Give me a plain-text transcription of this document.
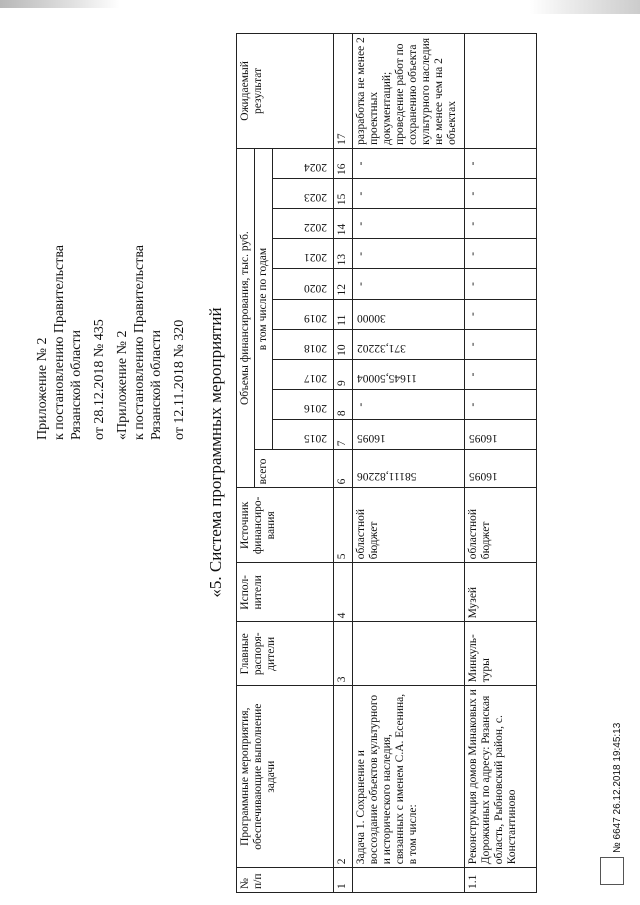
Приложение № 2 к постановлению Правительства Рязанской области от 28.12.2018 № 435 «Приложение № 2 к постановлению Правительства Рязанской области от 12.11.2018 № 320 «5. Система программных мероприятий
№ п/п	Программные мероприятия, обеспечивающие выполнение задачи	Главные распоря- дители	Испол- нители	Источник финансиро- вания	Объемы финансирования, тыс. руб.											Ожидаемый результат
					всего	в том числе по годам										

						2015	2016	2017	2018	2019	2020	2021	2022	2023	2024	

1	2	3	4	5	6	7	8	9	10	11	12	13	14	15	16	17
	Задача 1. Сохранение и воссоздание объектов культурного и исторического наследия, связанных с именем С.А. Есенина, в том числе:			областной бюджет	58111,82206	16095	-	11645,50004	371,32202	30000	-	-	-	-	-	разработка не менее 2 проектных документаций; проведение работ по сохранению объекта культурного наследия не менее чем на 2 объектах
1.1	Реконструкция домов Минаковых и Дорожкиных по адресу: Рязанская область, Рыбновский район, с. Константиново	Минкуль- туры	Музей	областной бюджет	16095	16095	-	-	-	-	-	-	-	-	-	
№ 6647 26.12.2018 19:45:13
